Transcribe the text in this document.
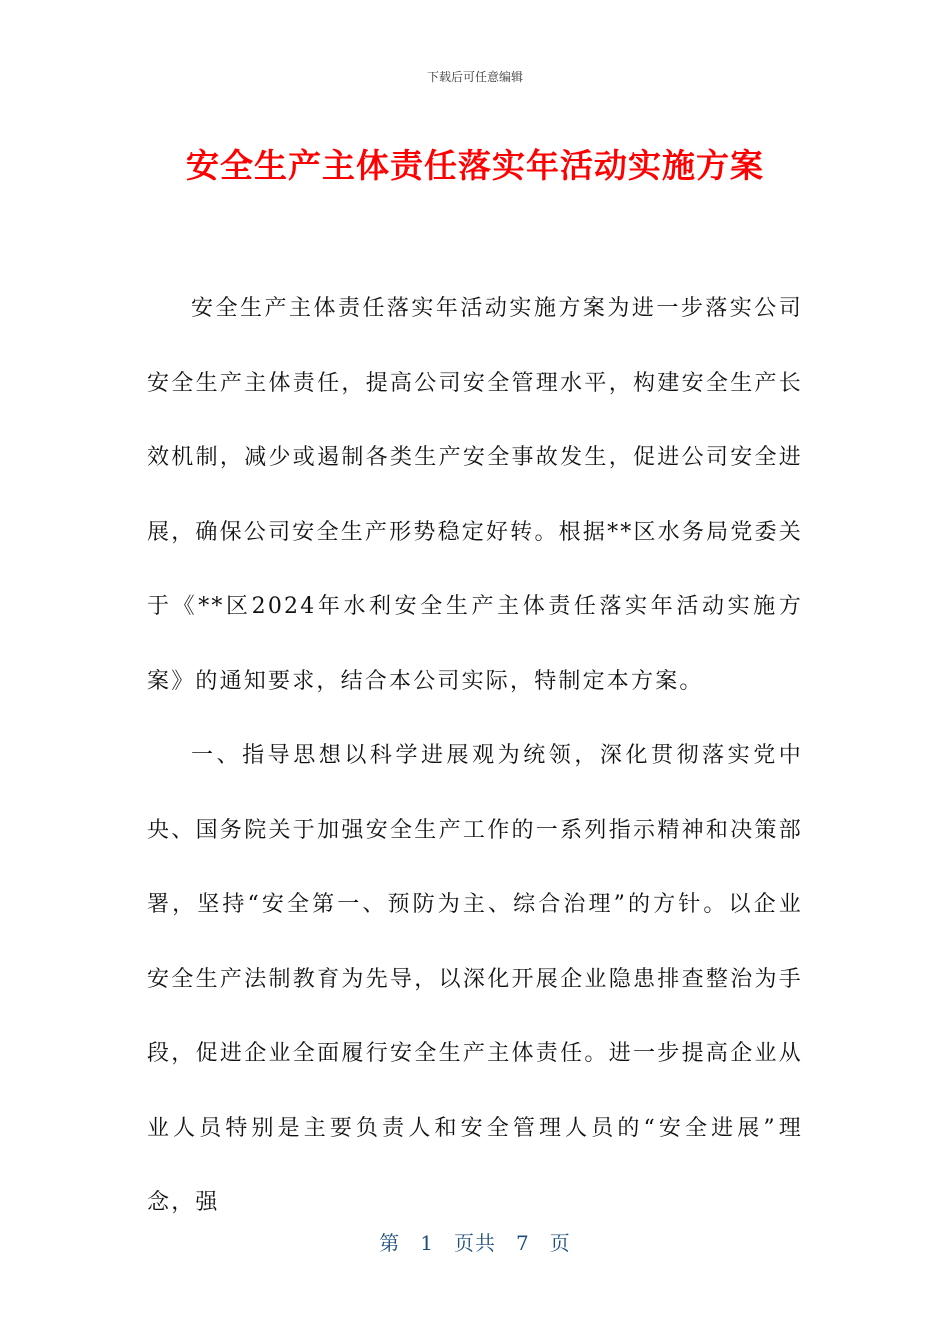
下载后可任意编辑
安全生产主体责任落实年活动实施方案

安全生产主体责任落实年活动实施方案为进一步落实公司安全生产主体责任，提高公司安全管理水平，构建安全生产长效机制，减少或遏制各类生产安全事故发生，促进公司安全进展，确保公司安全生产形势稳定好转。根据**区水务局党委关于《**区2024年水利安全生产主体责任落实年活动实施方案》的通知要求，结合本公司实际，特制定本方案。

一、指导思想以科学进展观为统领，深化贯彻落实党中央、国务院关于加强安全生产工作的一系列指示精神和决策部署，坚持“安全第一、预防为主、综合治理”的方针。以企业安全生产法制教育为先导，以深化开展企业隐患排查整治为手段，促进企业全面履行安全生产主体责任。进一步提高企业从业人员特别是主要负责人和安全管理人员的“安全进展”理念，强

第 1 页共 7 页
